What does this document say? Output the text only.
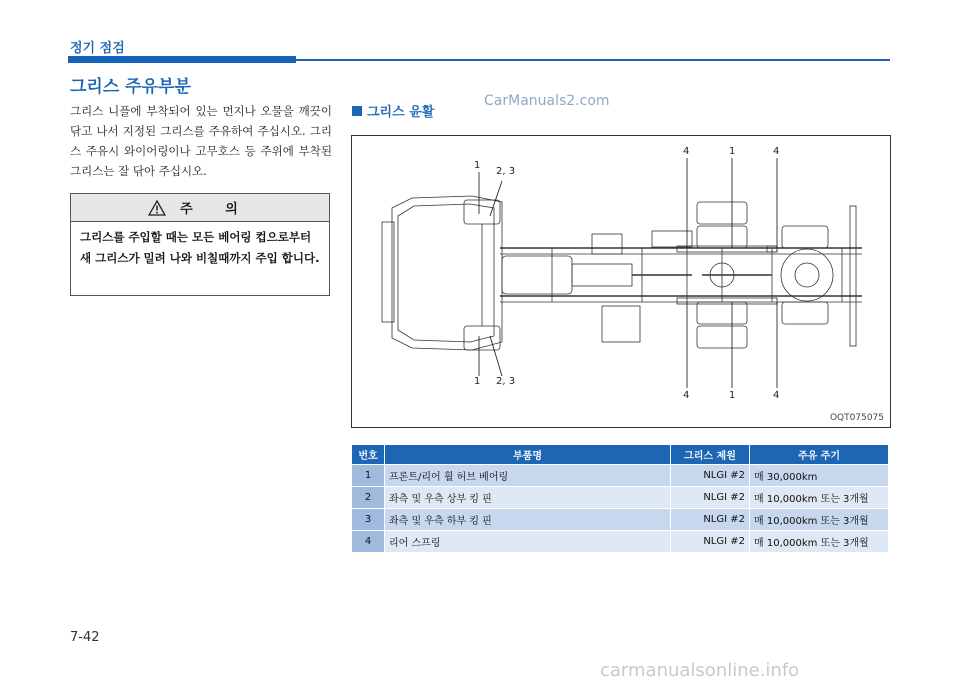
정기 점검
그리스 주유부분
그리스 니플에 부착되어 있는 먼지나 오물을 깨끗이 닦고 나서 지정된 그리스를 주유하여 주십시오. 그리스 주유시 와이어링이나 고무호스 등 주위에 부착된 그리스는 잘 닦아 주십시오.
주 의
그리스를 주입할 때는 모든 베어링 컵으로부터 새 그리스가 밀려 나와 비칠때까지 주입 합니다.
그리스 윤활
CarManuals2.com
1
2, 3
4	1	4
1 2, 3
4	1	4
OQT075075
번호	부품명	그리스 제원	주유 주기
1	프론트/리어 휠 허브 베어링	NLGI #2	매 30,000km
2	좌측 및 우측 상부 킹 핀	NLGI #2	매 10,000km 또는 3개월
3	좌측 및 우측 하부 킹 핀	NLGI #2	매 10,000km 또는 3개월
4	리어 스프링	NLGI #2	매 10,000km 또는 3개월
7-42
carmanualsonline.info
